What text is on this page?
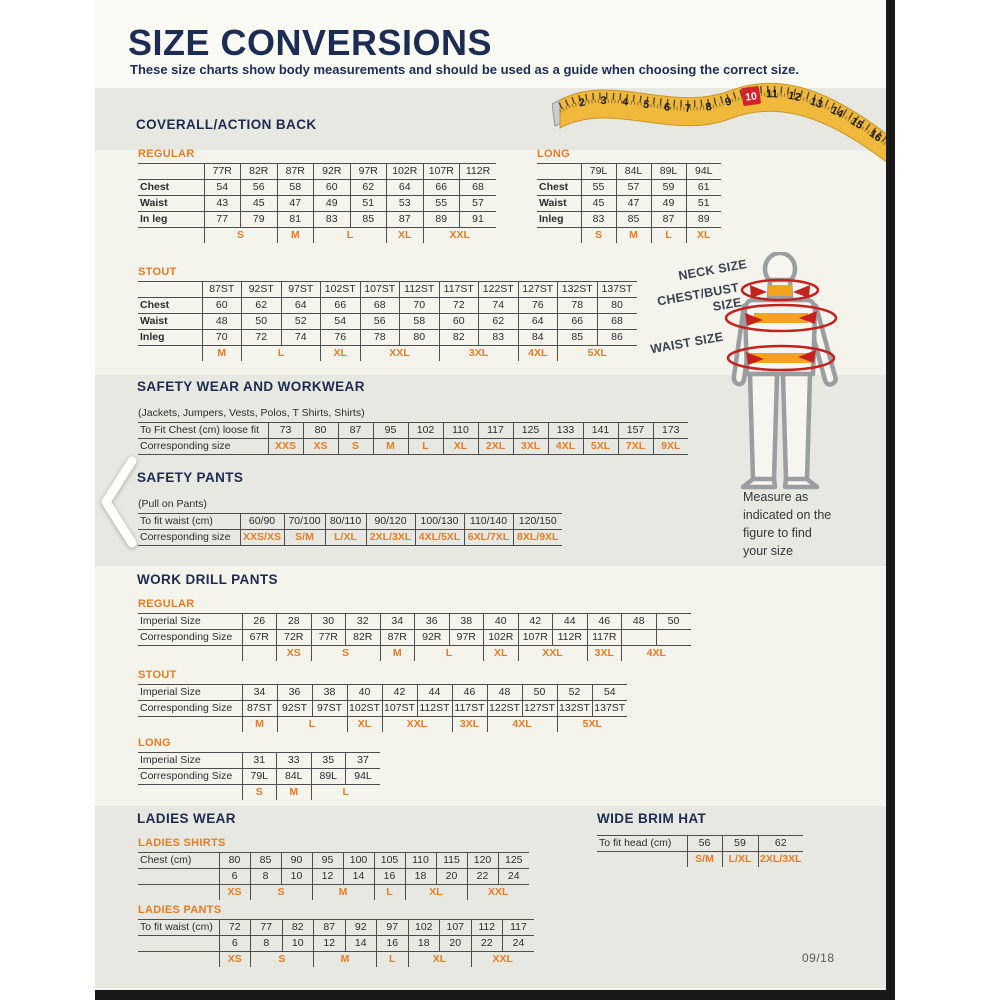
SIZE CONVERSIONS
These size charts show body measurements and should be used as a guide when choosing the correct size.
2 3 4 5 6 7 8 9 10 11 12 13 14 15 16
COVERALL/ACTION BACK
REGULAR
	77R	82R	87R	92R	97R	102R	107R	112R
Chest	54	56	58	60	62	64	66	68
Waist	43	45	47	49	51	53	55	57
In leg	77	79	81	83	85	87	89	91
	S		M	L		XL	XXL	
LONG
	79L	84L	89L	94L
Chest	55	57	59	61
Waist	45	47	49	51
Inleg	83	85	87	89
	S	M	L	XL
STOUT
	87ST	92ST	97ST	102ST	107ST	112ST	117ST	122ST	127ST	132ST	137ST
Chest	60	62	64	66	68	70	72	74	76	78	80
Waist	48	50	52	54	56	58	60	62	64	66	68
Inleg	70	72	74	76	78	80	82	83	84	85	86
	M	L		XL	XXL		3XL		4XL	5XL	
NECK SIZE
CHEST/BUST SIZE
WAIST SIZE
Measure as indicated on the figure to find your size
SAFETY WEAR AND WORKWEAR
(Jackets, Jumpers, Vests, Polos, T Shirts, Shirts)
To Fit Chest (cm) loose fit	73	80	87	95	102	110	117	125	133	141	157	173
Corresponding size	XXS	XS	S	M	L	XL	2XL	3XL	4XL	5XL	7XL	9XL
SAFETY PANTS
(Pull on Pants)
To fit waist (cm)	60/90	70/100	80/110	90/120	100/130	110/140	120/150
Corresponding size	XXS/XS	S/M	L/XL	2XL/3XL	4XL/5XL	6XL/7XL	8XL/9XL
WORK DRILL PANTS
REGULAR
Imperial Size	26	28	30	32	34	36	38	40	42	44	46	48	50
Corresponding Size	67R	72R	77R	82R	87R	92R	97R	102R	107R	112R	117R		
		XS	S		M	L		XL	XXL		3XL	4XL	
STOUT
Imperial Size	34	36	38	40	42	44	46	48	50	52	54
Corresponding Size	87ST	92ST	97ST	102ST	107ST	112ST	117ST	122ST	127ST	132ST	137ST
	M	L		XL	XXL		3XL	4XL		5XL	
LONG
Imperial Size	31	33	35	37
Corresponding Size	79L	84L	89L	94L
	S	M	L	
LADIES WEAR
LADIES SHIRTS
Chest (cm)	80	85	90	95	100	105	110	115	120	125
	6	8	10	12	14	16	18	20	22	24
	XS	S		M		L	XL		XXL	
LADIES PANTS
To fit waist (cm)	72	77	82	87	92	97	102	107	112	117
	6	8	10	12	14	16	18	20	22	24
	XS	S		M		L	XL		XXL	
WIDE BRIM HAT
To fit head (cm)	56	59	62
	S/M	L/XL	2XL/3XL
09/18
